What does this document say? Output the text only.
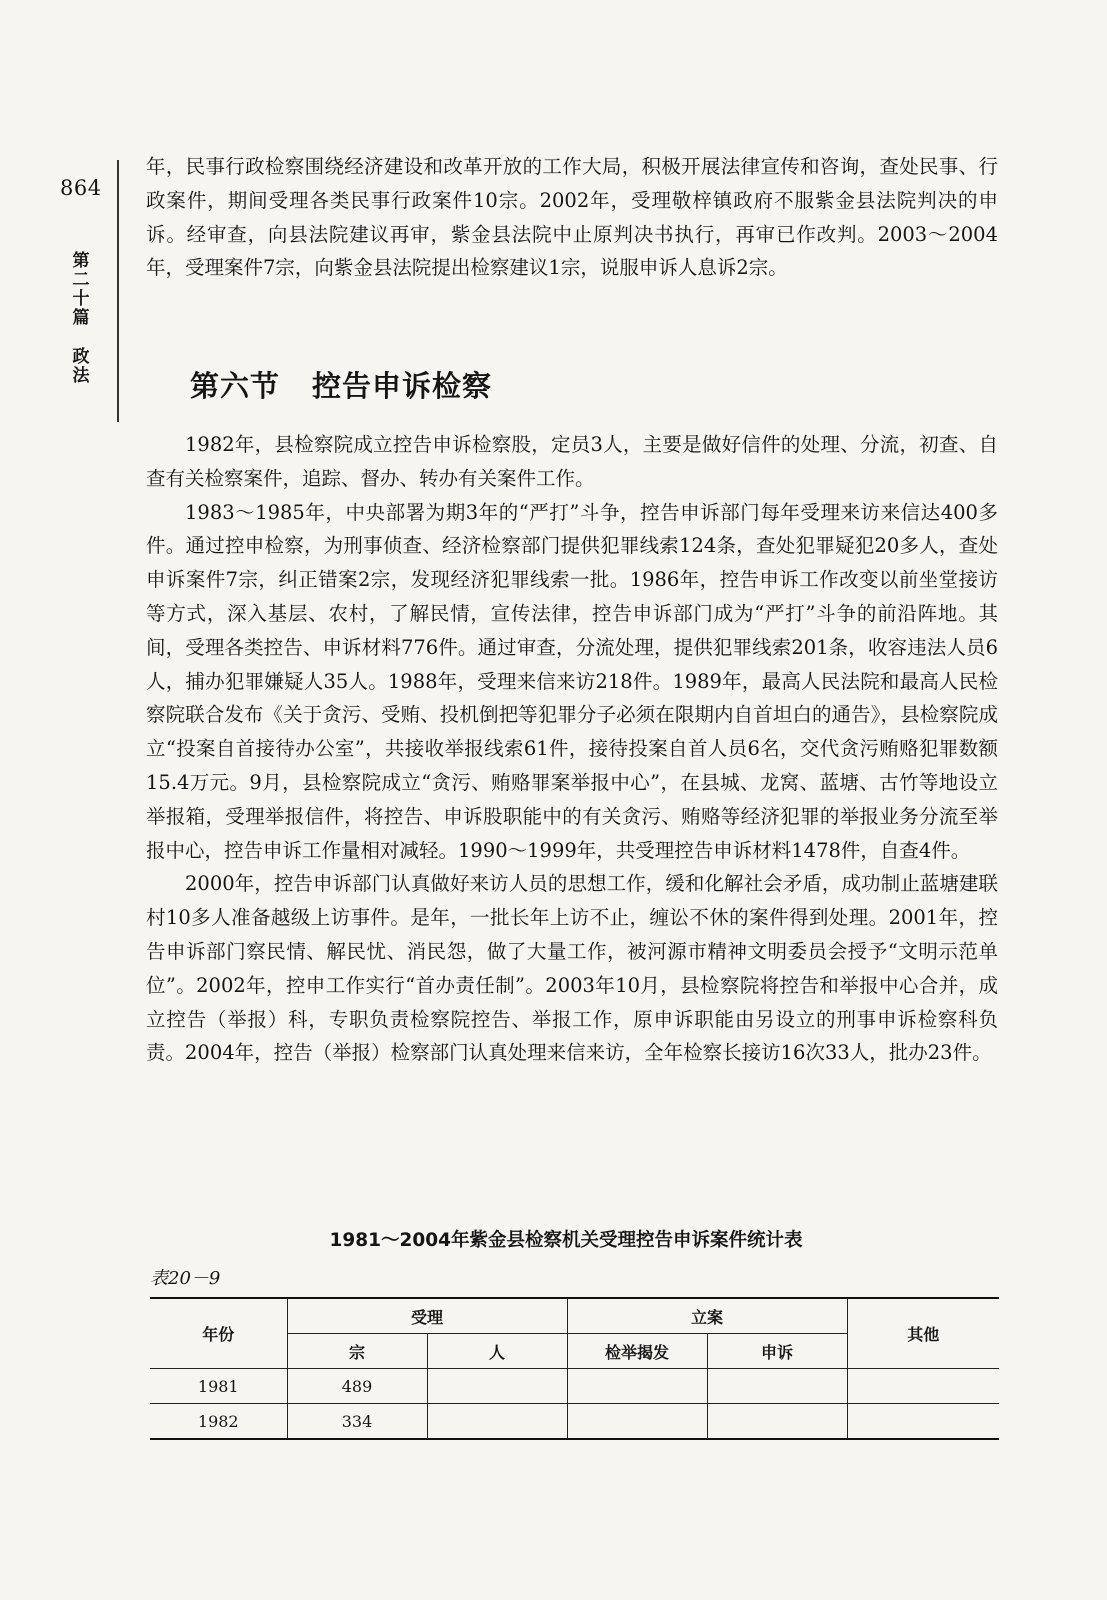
864
第
二
十
篇
政
法

年，民事行政检察围绕经济建设和改革开放的工作大局，积极开展法律宣传和咨询，查处民事、行政案件，期间受理各类民事行政案件10宗。2002年，受理敬梓镇政府不服紫金县法院判决的申诉。经审查，向县法院建议再审，紫金县法院中止原判决书执行，再审已作改判。2003～2004年，受理案件7宗，向紫金县法院提出检察建议1宗，说服申诉人息诉2宗。

第六节 控告申诉检察

1982年，县检察院成立控告申诉检察股，定员3人，主要是做好信件的处理、分流，初查、自查有关检察案件，追踪、督办、转办有关案件工作。

1983～1985年，中央部署为期3年的“严打”斗争，控告申诉部门每年受理来访来信达400多件。通过控申检察，为刑事侦查、经济检察部门提供犯罪线索124条，查处犯罪疑犯20多人，查处申诉案件7宗，纠正错案2宗，发现经济犯罪线索一批。1986年，控告申诉工作改变以前坐堂接访等方式，深入基层、农村，了解民情，宣传法律，控告申诉部门成为“严打”斗争的前沿阵地。其间，受理各类控告、申诉材料776件。通过审查，分流处理，提供犯罪线索201条，收容违法人员6人，捕办犯罪嫌疑人35人。1988年，受理来信来访218件。1989年，最高人民法院和最高人民检察院联合发布《关于贪污、受贿、投机倒把等犯罪分子必须在限期内自首坦白的通告》，县检察院成立“投案自首接待办公室”，共接收举报线索61件，接待投案自首人员6名，交代贪污贿赂犯罪数额15.4万元。9月，县检察院成立“贪污、贿赂罪案举报中心”，在县城、龙窝、蓝塘、古竹等地设立举报箱，受理举报信件，将控告、申诉股职能中的有关贪污、贿赂等经济犯罪的举报业务分流至举报中心，控告申诉工作量相对减轻。1990～1999年，共受理控告申诉材料1478件，自查4件。

2000年，控告申诉部门认真做好来访人员的思想工作，缓和化解社会矛盾，成功制止蓝塘建联村10多人准备越级上访事件。是年，一批长年上访不止，缠讼不休的案件得到处理。2001年，控告申诉部门察民情、解民忧、消民怨，做了大量工作，被河源市精神文明委员会授予“文明示范单位”。2002年，控申工作实行“首办责任制”。2003年10月，县检察院将控告和举报中心合并，成立控告（举报）科，专职负责检察院控告、举报工作，原申诉职能由另设立的刑事申诉检察科负责。2004年，控告（举报）检察部门认真处理来信来访，全年检察长接访16次33人，批办23件。

1981～2004年紫金县检察机关受理控告申诉案件统计表
表20－9
年份	受理		立案		其他
	宗	人	检举揭发	申诉	
1981	489				
1982	334				
